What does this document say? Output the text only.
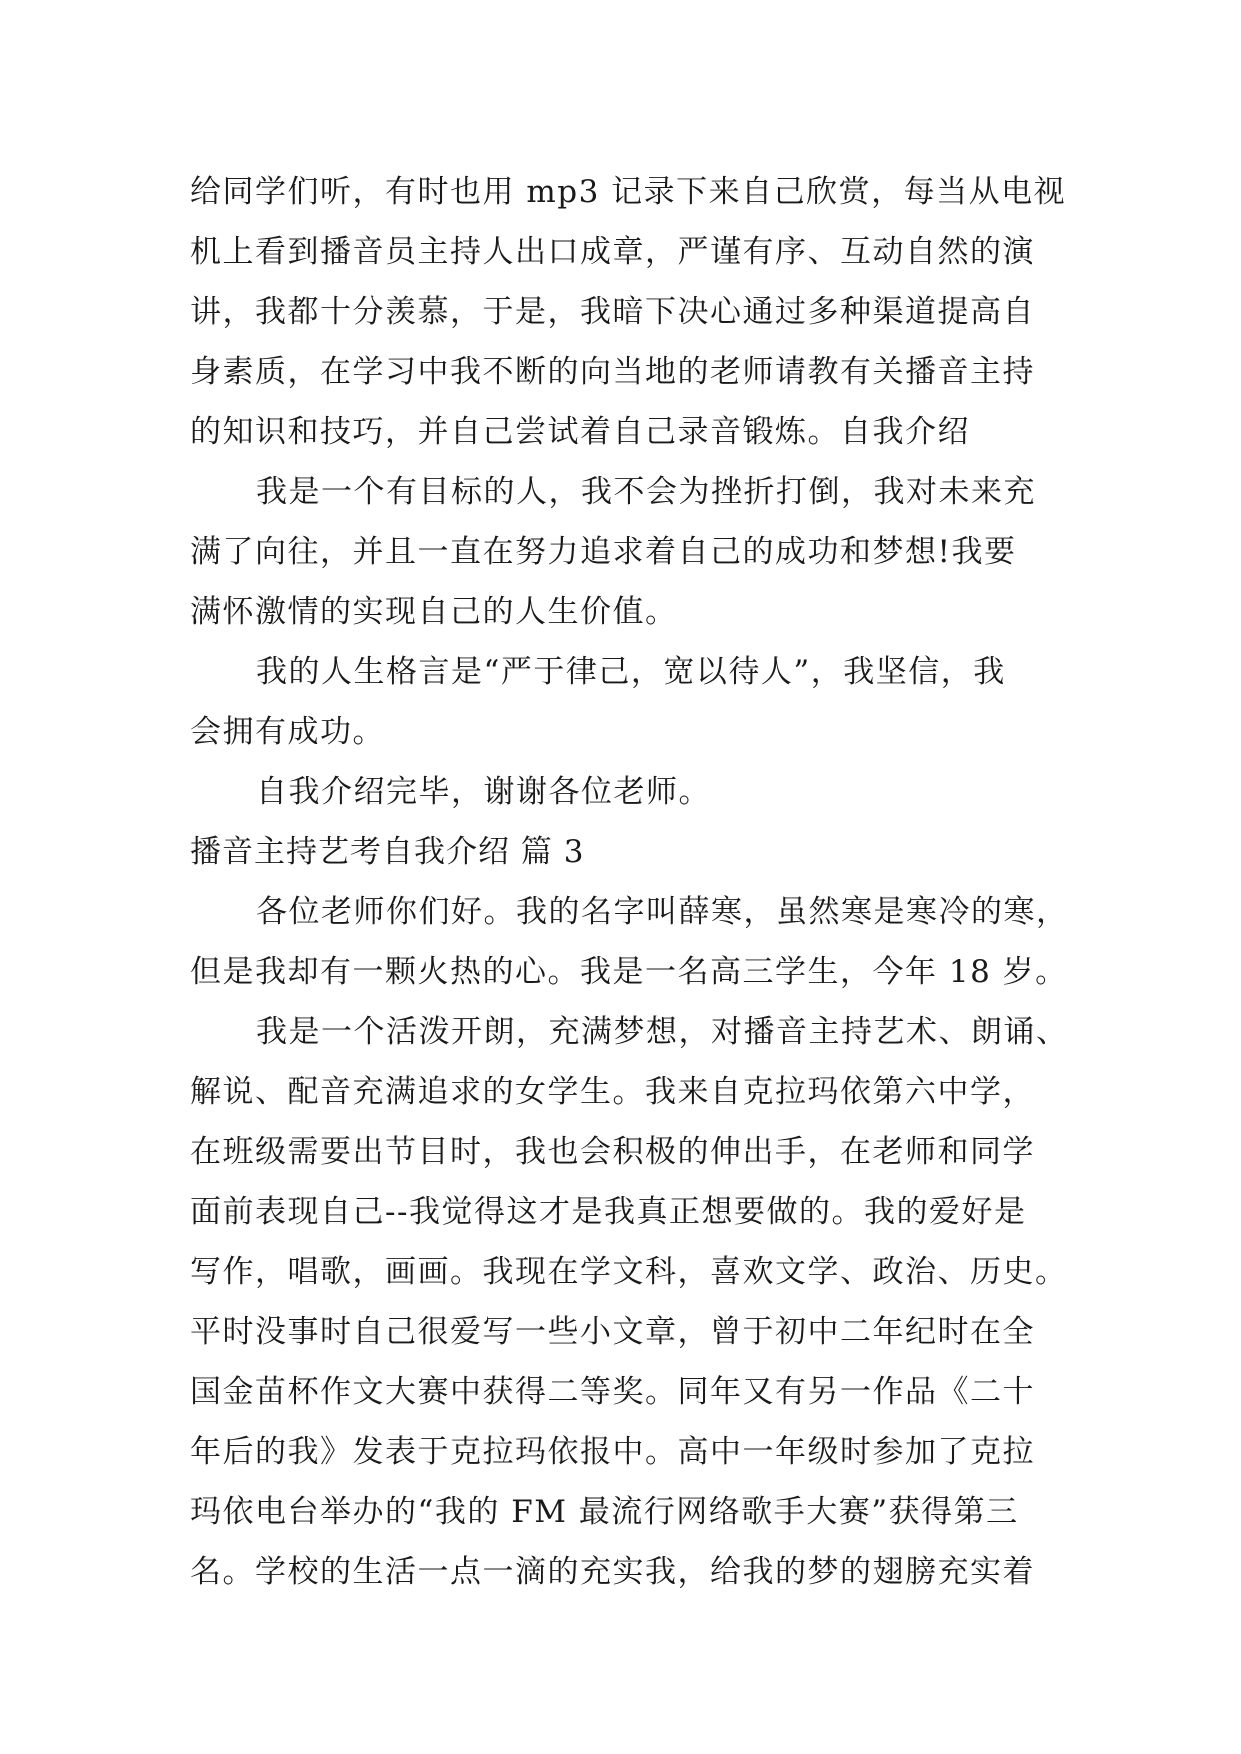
给同学们听，有时也用 mp3 记录下来自己欣赏，每当从电视
机上看到播音员主持人出口成章，严谨有序、互动自然的演
讲，我都十分羡慕，于是，我暗下决心通过多种渠道提高自
身素质，在学习中我不断的向当地的老师请教有关播音主持
的知识和技巧，并自己尝试着自己录音锻炼。自我介绍
我是一个有目标的人，我不会为挫折打倒，我对未来充
满了向往，并且一直在努力追求着自己的成功和梦想!我要
满怀激情的实现自己的人生价值。
我的人生格言是“严于律己，宽以待人”，我坚信，我
会拥有成功。
自我介绍完毕，谢谢各位老师。
播音主持艺考自我介绍 篇 3
各位老师你们好。我的名字叫薛寒，虽然寒是寒冷的寒，
但是我却有一颗火热的心。我是一名高三学生，今年 18 岁。
我是一个活泼开朗，充满梦想，对播音主持艺术、朗诵、
解说、配音充满追求的女学生。我来自克拉玛依第六中学，
在班级需要出节目时，我也会积极的伸出手，在老师和同学
面前表现自己--我觉得这才是我真正想要做的。我的爱好是
写作，唱歌，画画。我现在学文科，喜欢文学、政治、历史。
平时没事时自己很爱写一些小文章，曾于初中二年纪时在全
国金苗杯作文大赛中获得二等奖。同年又有另一作品《二十
年后的我》发表于克拉玛依报中。高中一年级时参加了克拉
玛依电台举办的“我的 FM 最流行网络歌手大赛”获得第三
名。学校的生活一点一滴的充实我，给我的梦的翅膀充实着
